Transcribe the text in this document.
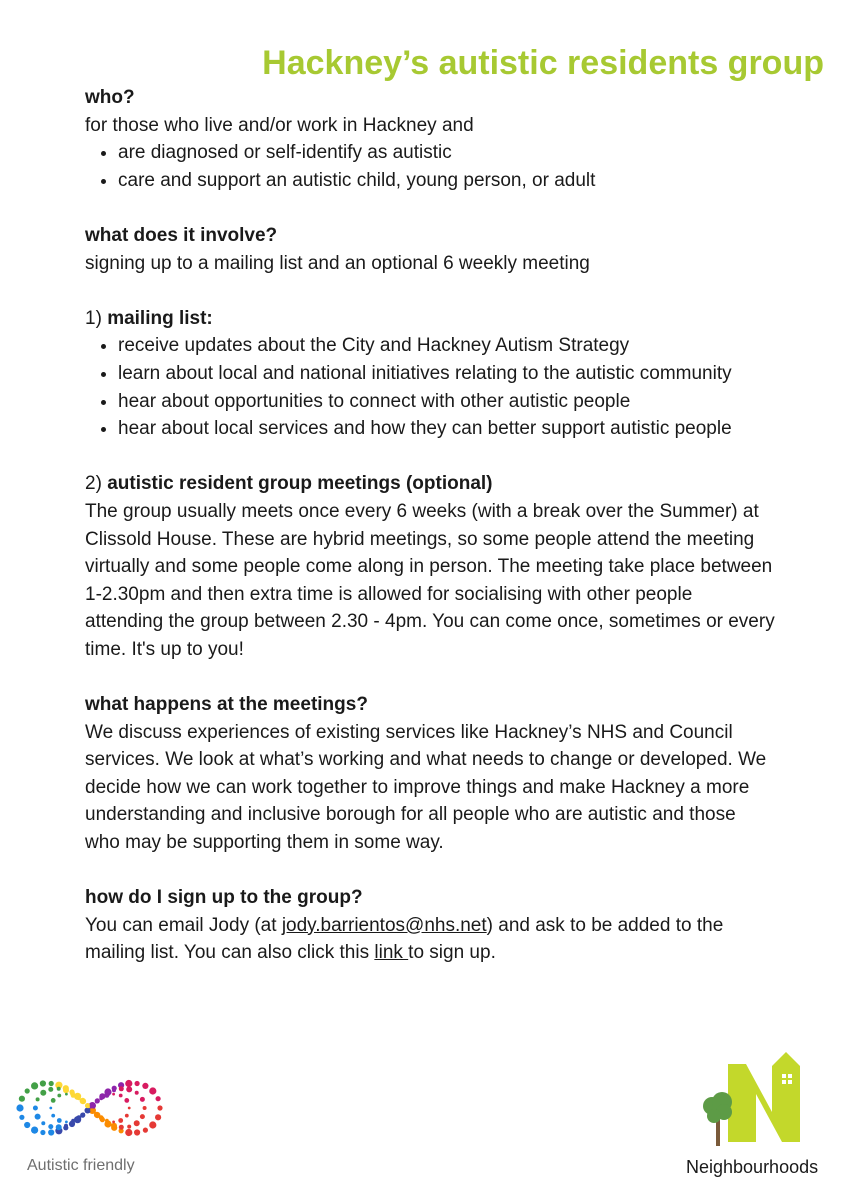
Hackney’s autistic residents group

who?

for those who live and/or work in Hackney and

• are diagnosed or self-identify as autistic
• care and support an autistic child, young person, or adult

what does it involve?

signing up to a mailing list and an optional 6 weekly meeting

1) mailing list:

• receive updates about the City and Hackney Autism Strategy
• learn about local and national initiatives relating to the autistic community
• hear about opportunities to connect with other autistic people
• hear about local services and how they can better support autistic people

2) autistic resident group meetings (optional)

The group usually meets once every 6 weeks (with a break over the Summer) at Clissold House. These are hybrid meetings, so some people attend the meeting virtually and some people come along in person. The meeting take place between 1-2.30pm and then extra time is allowed for socialising with other people attending the group between 2.30 - 4pm. You can come once, sometimes or every time. It's up to you!

what happens at the meetings?

We discuss experiences of existing services like Hackney’s NHS and Council services. We look at what’s working and what needs to change or developed. We decide how we can work together to improve things and make Hackney a more understanding and inclusive borough for all people who are autistic and those who may be supporting them in some way.

how do I sign up to the group?

You can email Jody (at jody.barrientos@nhs.net) and ask to be added to the mailing list. You can also click this link to sign up.

Autistic friendly	Neighbourhoods
